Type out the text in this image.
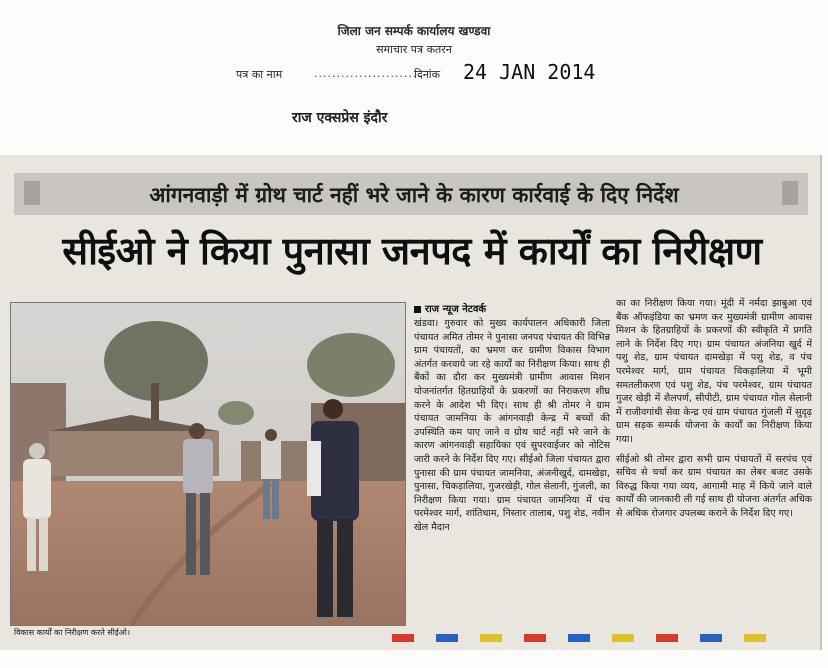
जिला जन सम्पर्क कार्यालय खण्डवा
समाचार पत्र कतरन
पत्र का नाम	........................
दिनांक 24 JAN 2014
राज एक्सप्रेस इंदौर
आंगनवाड़ी में ग्रोथ चार्ट नहीं भरे जाने के कारण कार्रवाई के दिए निर्देश
सीईओ ने किया पुनासा जनपद में कार्यों का निरीक्षण
विकास कार्यों का निरीक्षण करते सीईओ।
राज न्यूज नेटवर्क

खंडवा। गुरुवार को मुख्य कार्यपालन अधिकारी जिला पंचायत अमित तोमर ने पुनासा जनपद पंचायत की विभिन्न ग्राम पंचायतों, का भ्रमण कर ग्रामीण विकास विभाग अंतर्गत करवाये जा रहे कार्यों का निरीक्षण किया। साथ ही बैंकों का दौरा कर मुख्यमंत्री ग्रामीण आवास मिशन योजनांतर्गत हितग्राहियों के प्रकरणों का निराकरण शीघ्र करने के आदेश भी दिए। साथ ही श्री तोमर ने ग्राम पंचायत जामनिया के आंगनवाड़ी केन्द्र में बच्चों की उपस्थिति कम पाए जाने व ग्रोथ चार्ट नहीं भरे जाने के कारण आंगनवाड़ी सहायिका एवं सुपरवाईजर को नोटिस जारी करने के निर्देश दिए गए। सीईओ जिला पंचायत द्वारा पुनासा की ग्राम पंचायत जामनिया, अंजनीखुर्द, दामखेड़ा, पुनासा, चिकड़ालिया, गुजरखेड़ी, गोल सेलानी, गुंजली, का निरीक्षण किया गया। ग्राम पंचायत जामनिया में पंच परमेश्वर मार्ग, शांतिधाम, निस्तार तालाब, पशु शेड, नवीन खेल मैदान

का का निरीक्षण किया गया। मूंदी में नर्मदा झाबुआ एवं बैंक ऑफइंडिया का भ्रमण कर मुख्यमंत्री ग्रामीण आवास मिशन के हितग्राहियों के प्रकरणों की स्वीकृति में प्रगति लाने के निर्देश दिए गए। ग्राम पंचायत अंजनिया खुर्द में पशु शेड, ग्राम पंचायत दामखेड़ा में पशु शेड, व पंच परमेश्वर मार्ग, ग्राम पंचायत चिकड़ालिया में भूमी समतलीकरण एवं पशु शेड, पंच परमेश्वर, ग्राम पंचायत गुजर खेड़ी में शैलपर्ण, सीपीटी, ग्राम पंचायत गोल सेलानी में राजीवगांधी सेवा केन्द्र एवं ग्राम पंचायत गुंजली में सुदृढ़ ग्राम सड़क सम्पर्क योजना के कार्यों का निरीक्षण किया गया।

सीईओ श्री तोमर द्वारा सभी ग्राम पंचायतों में सरपंच एवं सचिव से चर्चा कर ग्राम पंचायत का लेबर बजट उसके विरुद्ध किया गया व्यय, आगामी माह में किये जाने वाले कार्यों की जानकारी ली गई साथ ही योजना अंतर्गत अधिक से अधिक रोजगार उपलब्ध कराने के निर्देश दिए गए।
